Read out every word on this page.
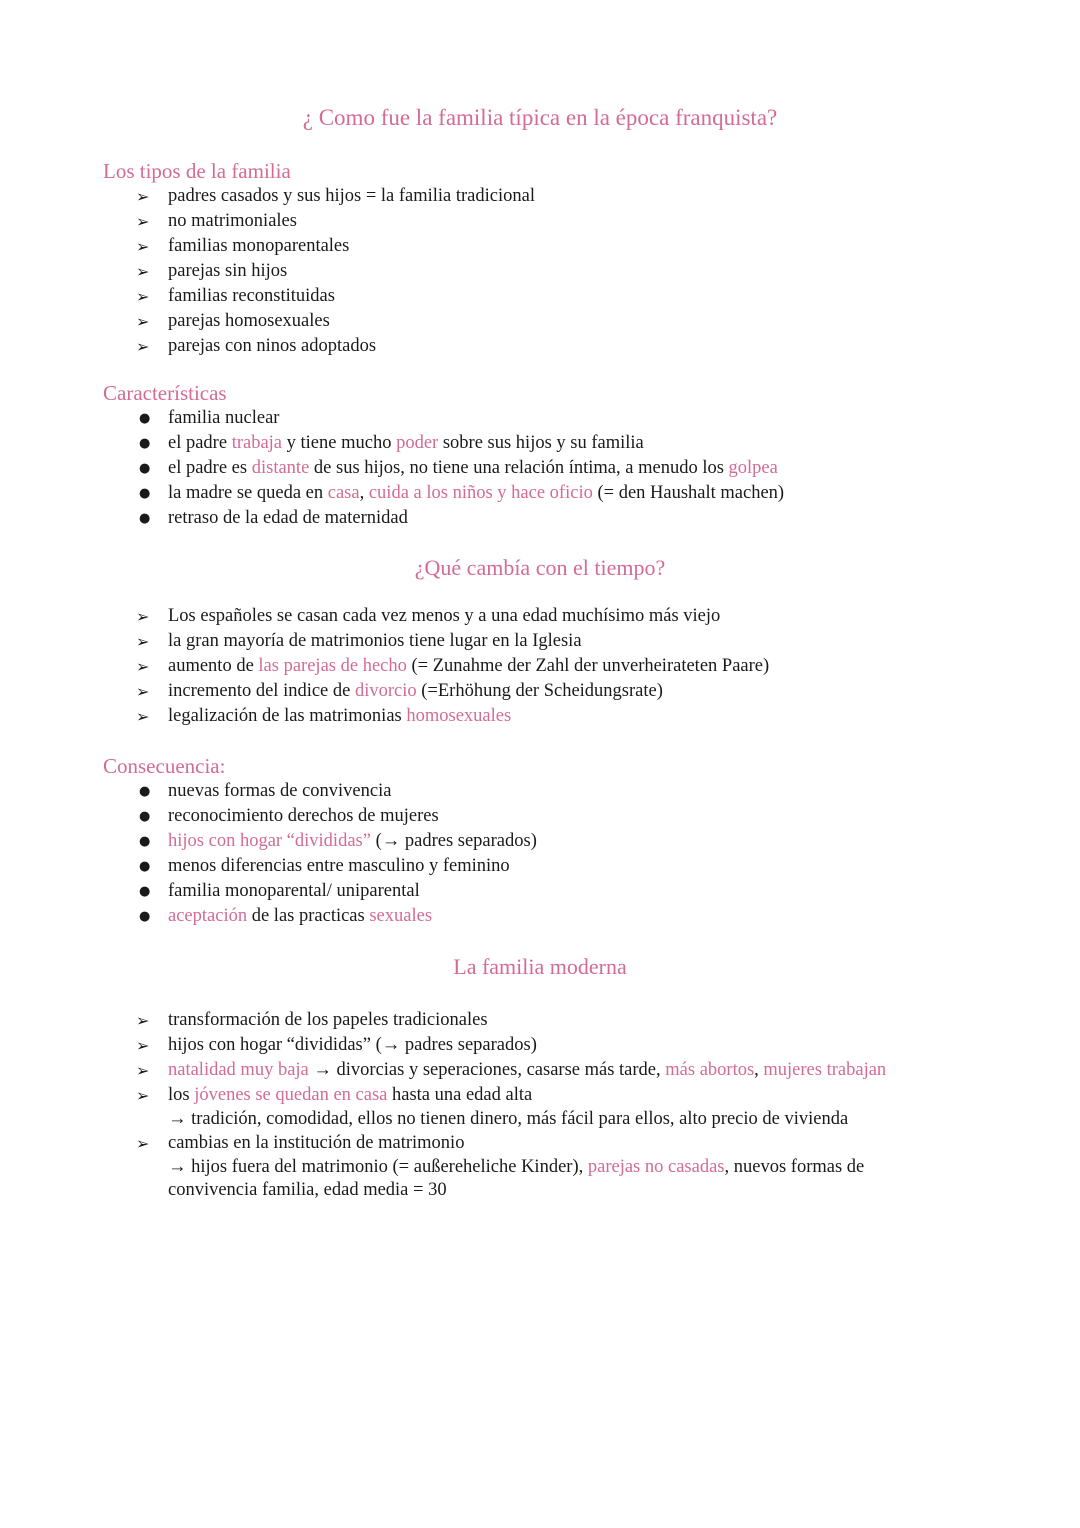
¿ Como fue la familia típica en la época franquista?
Los tipos de la familia
➢	padres casados y sus hijos = la familia tradicional
➢	no matrimoniales
➢	familias monoparentales
➢	parejas sin hijos
➢	familias reconstituidas
➢	parejas homosexuales
➢	parejas con ninos adoptados
Características
● familia nuclear
● el padre trabaja y tiene mucho poder sobre sus hijos y su familia
● el padre es distante de sus hijos, no tiene una relación íntima, a menudo los golpea
● la madre se queda en casa, cuida a los niños y hace oficio (= den Haushalt machen)
● retraso de la edad de maternidad
¿Qué cambía con el tiempo?
➢	Los españoles se casan cada vez menos y a una edad muchísimo más viejo
➢	la gran mayoría de matrimonios tiene lugar en la Iglesia
➢	aumento de las parejas de hecho (= Zunahme der Zahl der unverheirateten Paare)
➢	incremento del indice de divorcio (=Erhöhung der Scheidungsrate)
➢	legalización de las matrimonias homosexuales
Consecuencia:
● nuevas formas de convivencia
● reconocimiento derechos de mujeres
● hijos con hogar “divididas” (→ padres separados)
● menos diferencias entre masculino y feminino
● familia monoparental/ uniparental
● aceptación de las practicas sexuales
La familia moderna
➢	transformación de los papeles tradicionales
➢	hijos con hogar “divididas” (→ padres separados)
➢	natalidad muy baja → divorcias y seperaciones, casarse más tarde, más abortos, mujeres trabajan
➢	los jóvenes se quedan en casa hasta una edad alta
→ tradición, comodidad, ellos no tienen dinero, más fácil para ellos, alto precio de vivienda
➢	cambias en la institución de matrimonio
→ hijos fuera del matrimonio (= außereheliche Kinder), parejas no casadas, nuevos formas de
convivencia familia, edad media = 30
